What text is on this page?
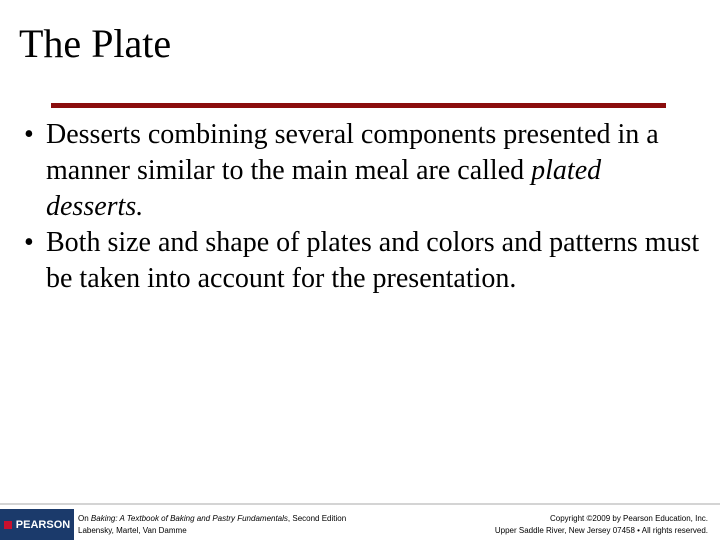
The Plate
• Desserts combining several components presented in a manner similar to the main meal are called plated desserts.
• Both size and shape of plates and colors and patterns must be taken into account for the presentation.
PEARSON On Baking: A Textbook of Baking and Pastry Fundamentals, Second Edition
Labensky, Martel, Van Damme
Copyright ©2009 by Pearson Education, Inc.
Upper Saddle River, New Jersey 07458 • All rights reserved.
